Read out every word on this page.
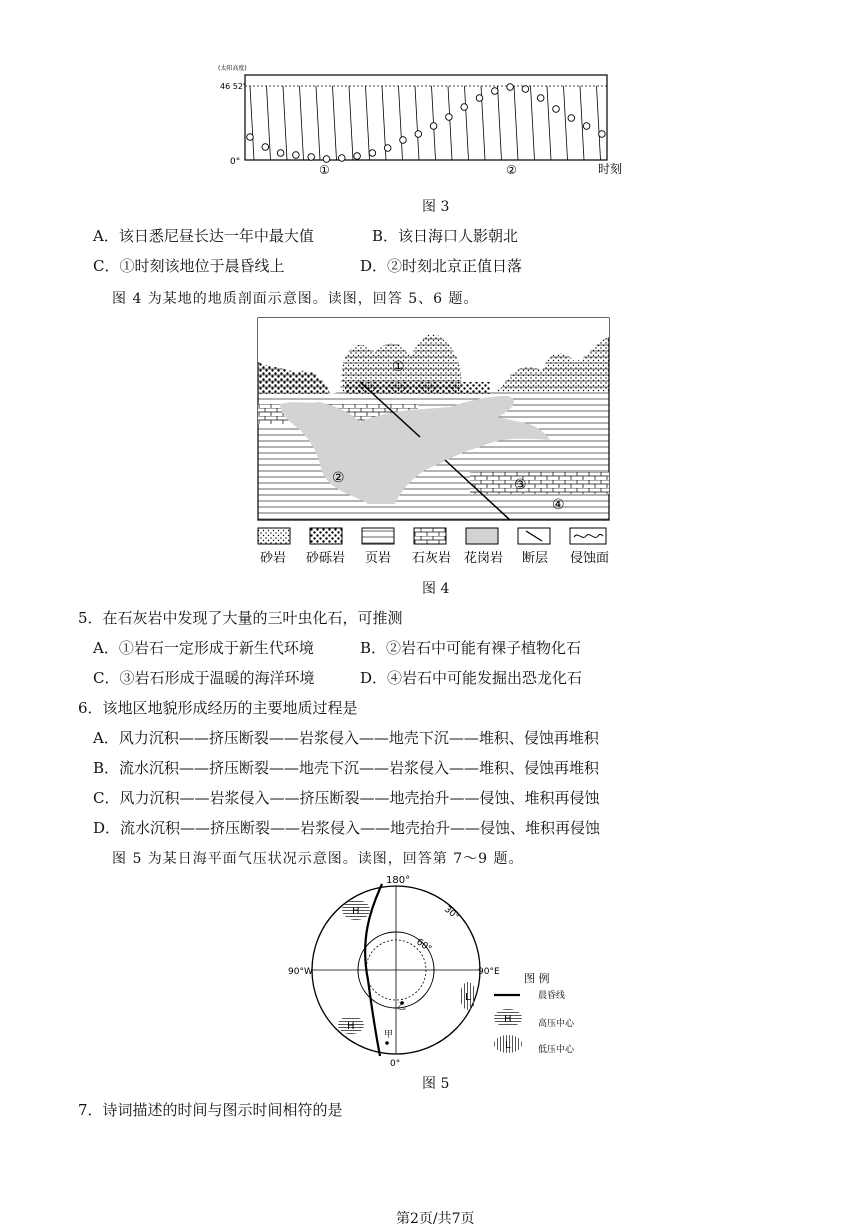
(太阳高度)
46 52'
0°
①	②	时刻
图 3
A．该日悉尼昼长达一年中最大值	B．该日海口人影朝北
C．①时刻该地位于晨昏线上	D．②时刻北京正值日落
图 4 为某地的地质剖面示意图。读图，回答 5、6 题。
①
②	③
④
砂岩 砂砾岩 页岩 石灰岩 花岗岩 断层 侵蚀面
图 4
5．在石灰岩中发现了大量的三叶虫化石，可推测
A．①岩石一定形成于新生代环境	B．②岩石中可能有裸子植物化石
C．③岩石形成于温暖的海洋环境	D．④岩石中可能发掘出恐龙化石
6．该地区地貌形成经历的主要地质过程是
A．风力沉积——挤压断裂——岩浆侵入——地壳下沉——堆积、侵蚀再堆积
B．流水沉积——挤压断裂——地壳下沉——岩浆侵入——堆积、侵蚀再堆积
C．风力沉积——岩浆侵入——挤压断裂——地壳抬升——侵蚀、堆积再侵蚀
D．流水沉积——挤压断裂——岩浆侵入——地壳抬升——侵蚀、堆积再侵蚀
图 5 为某日海平面气压状况示意图。读图，回答第 7～9 题。
180°
30°
60°
90°W	90°E
0°
乙
甲
H
H
L
图 例
晨昏线
H	高压中心
L	低压中心
图 5
7．诗词描述的时间与图示时间相符的是
第2页/共7页
